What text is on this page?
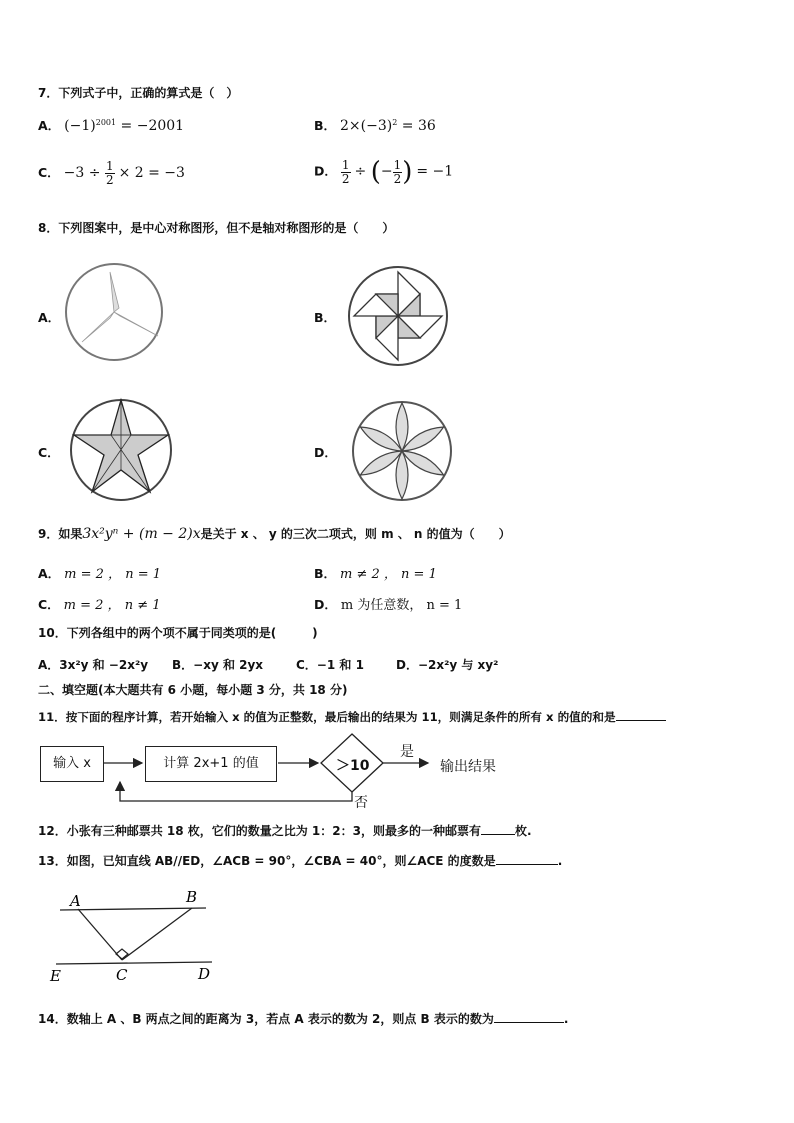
7．下列式子中，正确的算式是（　）
A． $(-1)^{2001} = -2001$	B． $2\times(-3)^2 = 36$
C． $-3 \div \frac{1}{2} \times 2 = -3$	D． $\frac{1}{2}$ ÷ (− $\frac{1}{2}$ ) = −1
8．下列图案中，是中心对称图形，但不是轴对称图形的是（　　）
A．	B．
C．	D．
9．如果3x²yⁿ + (m − 2)x是关于 x 、 y 的三次二项式，则 m 、 n 的值为（　　）
A． m = 2 ， n = 1	B． m ≠ 2 ， n = 1
C． m = 2 ， n ≠ 1	D． m 为任意数， n = 1
10．下列各组中的两个项不属于同类项的是(　　　)
A．3x²y 和 −2x²y B．−xy 和 2yx	C．−1 和 1	D．−2x²y 与 xy²
二、填空题(本大题共有 6 小题，每小题 3 分，共 18 分)
11．按下面的程序计算，若开始输入 x 的值为正整数，最后输出的结果为 11，则满足条件的所有 x 的值的和是
输入 x	计算 2x+1 的值	＞10
是
否
输出结果
12．小张有三种邮票共 18 枚，它们的数量之比为 1：2：3，则最多的一种邮票有	枚.
13．如图，已知直线 AB//ED，∠ACB = 90°，∠CBA = 40°，则∠ACE 的度数是	.
A	B
C	D
E
14．数轴上 A 、B 两点之间的距离为 3，若点 A 表示的数为 2，则点 B 表示的数为	.
